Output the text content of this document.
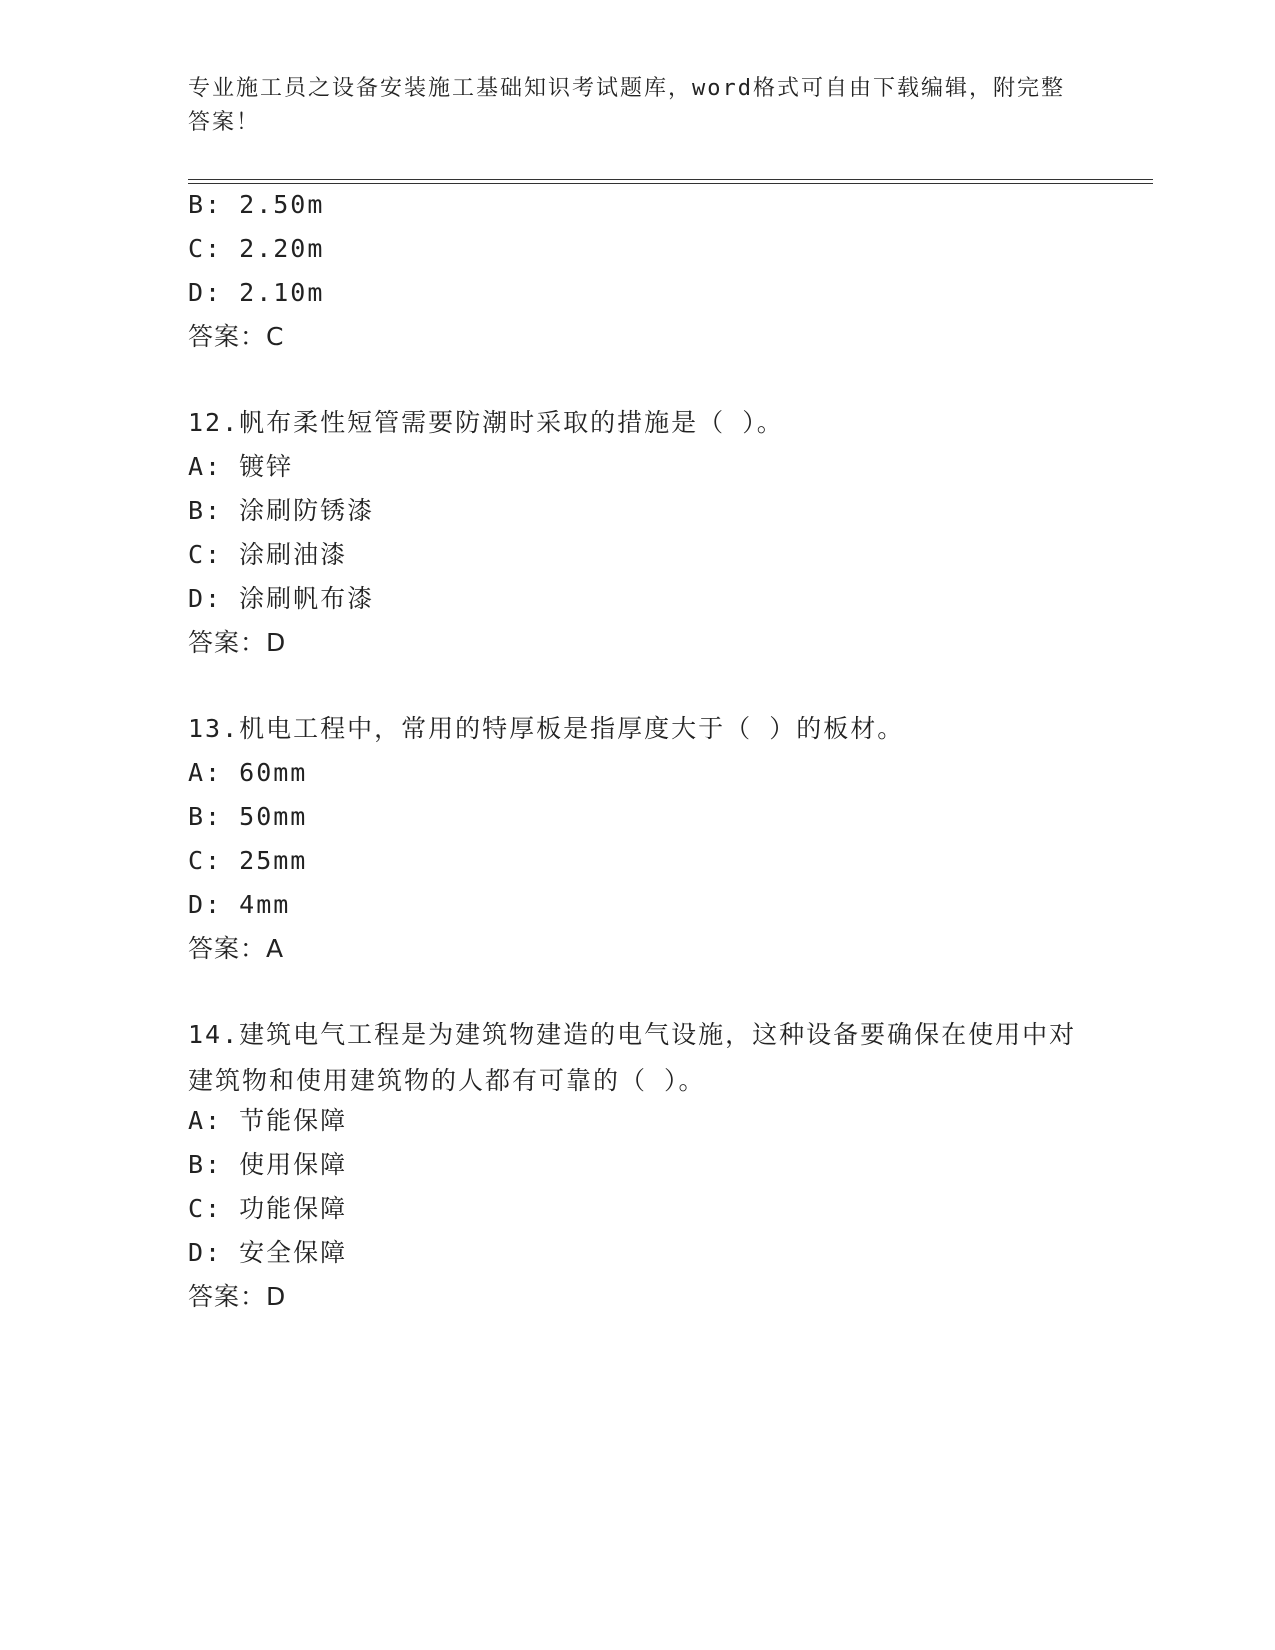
专业施工员之设备安装施工基础知识考试题库，word格式可自由下载编辑，附完整答案！
B: 2.50m
C: 2.20m
D: 2.10m
答案：C
12.帆布柔性短管需要防潮时采取的措施是（ ）。
A: 镀锌
B: 涂刷防锈漆
C: 涂刷油漆
D: 涂刷帆布漆
答案：D
13.机电工程中，常用的特厚板是指厚度大于（ ）的板材。
A: 60mm
B: 50mm
C: 25mm
D: 4mm
答案：A
14.建筑电气工程是为建筑物建造的电气设施，这种设备要确保在使用中对建筑物和使用建筑物的人都有可靠的（ ）。
A: 节能保障
B: 使用保障
C: 功能保障
D: 安全保障
答案：D
